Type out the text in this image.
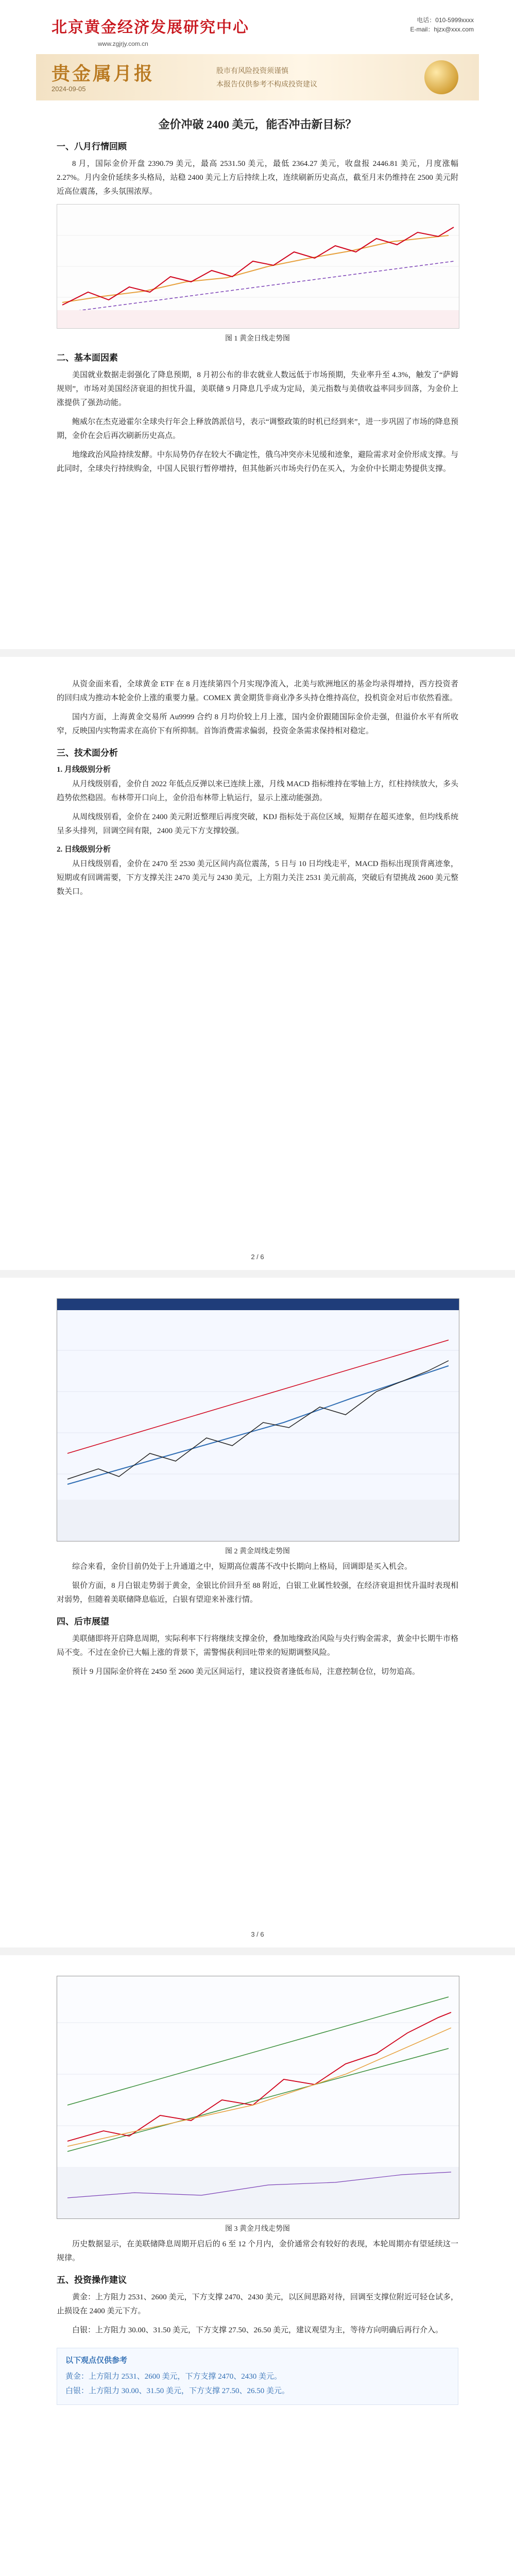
北京黄金经济发展研究中心
www.zgjrjy.com.cn
电话：010-5999xxxx
E-mail：hjzx@xxx.com
贵金属月报
2024-09-05
股市有风险投资须谨慎
本报告仅供参考不构成投资建议
金价冲破 2400 美元，能否冲击新目标？
一、八月行情回顾

8 月，国际金价开盘 2390.79 美元，最高 2531.50 美元，最低 2364.27 美元，收盘报 2446.81 美元，月度涨幅 2.27%。月内金价延续多头格局，站稳 2400 美元上方后持续上攻，连续刷新历史高点，截至月末仍维持在 2500 美元附近高位震荡，多头氛围浓厚。

图 1 黄金日线走势图
二、基本面因素

美国就业数据走弱强化了降息预期，8 月初公布的非农就业人数远低于市场预期，失业率升至 4.3%，触发了“萨姆规则”，市场对美国经济衰退的担忧升温，美联储 9 月降息几乎成为定局，美元指数与美债收益率同步回落，为金价上涨提供了强劲动能。

鲍威尔在杰克逊霍尔全球央行年会上释放鸽派信号，表示“调整政策的时机已经到来”，进一步巩固了市场的降息预期，金价在会后再次刷新历史高点。

地缘政治风险持续发酵。中东局势仍存在较大不确定性，俄乌冲突亦未见缓和迹象，避险需求对金价形成支撑。与此同时，全球央行持续购金，中国人民银行暂停增持，但其他新兴市场央行仍在买入，为金价中长期走势提供支撑。

从资金面来看，全球黄金 ETF 在 8 月连续第四个月实现净流入，北美与欧洲地区的基金均录得增持，西方投资者的回归成为推动本轮金价上涨的重要力量。COMEX 黄金期货非商业净多头持仓维持高位，投机资金对后市依然看涨。

国内方面，上海黄金交易所 Au9999 合约 8 月均价较上月上涨，国内金价跟随国际金价走强，但溢价水平有所收窄，反映国内实物需求在高价下有所抑制。首饰消费需求偏弱，投资金条需求保持相对稳定。

三、技术面分析
1. 月线级别分析

从月线级别看，金价自 2022 年低点反弹以来已连续上涨，月线 MACD 指标维持在零轴上方，红柱持续放大，多头趋势依然稳固。布林带开口向上，金价沿布林带上轨运行，显示上涨动能强劲。

从周线级别看，金价在 2400 美元附近整理后再度突破，KDJ 指标处于高位区域，短期存在超买迹象，但均线系统呈多头排列，回调空间有限，2400 美元下方支撑较强。

2. 日线级别分析

从日线级别看，金价在 2470 至 2530 美元区间内高位震荡，5 日与 10 日均线走平，MACD 指标出现顶背离迹象，短期或有回调需要，下方支撑关注 2470 美元与 2430 美元，上方阻力关注 2531 美元前高，突破后有望挑战 2600 美元整数关口。

2 / 6
图 2 黄金周线走势图

综合来看，金价目前仍处于上升通道之中，短期高位震荡不改中长期向上格局，回调即是买入机会。

银价方面，8 月白银走势弱于黄金，金银比价回升至 88 附近，白银工业属性较强，在经济衰退担忧升温时表现相对弱势，但随着美联储降息临近，白银有望迎来补涨行情。

四、后市展望

美联储即将开启降息周期，实际利率下行将继续支撑金价，叠加地缘政治风险与央行购金需求，黄金中长期牛市格局不变。不过在金价已大幅上涨的背景下，需警惕获利回吐带来的短期调整风险。

预计 9 月国际金价将在 2450 至 2600 美元区间运行，建议投资者逢低布局，注意控制仓位，切勿追高。

3 / 6
图 3 黄金月线走势图

历史数据显示，在美联储降息周期开启后的 6 至 12 个月内，金价通常会有较好的表现，本轮周期亦有望延续这一规律。

五、投资操作建议

黄金：上方阻力 2531、2600 美元，下方支撑 2470、2430 美元，以区间思路对待，回调至支撑位附近可轻仓试多，止损设在 2400 美元下方。

白银：上方阻力 30.00、31.50 美元，下方支撑 27.50、26.50 美元，建议观望为主，等待方向明确后再行介入。

以下观点仅供参考
黄金：上方阻力 2531、2600 美元，下方支撑 2470、2430 美元。
白银：上方阻力 30.00、31.50 美元，下方支撑 27.50、26.50 美元。
